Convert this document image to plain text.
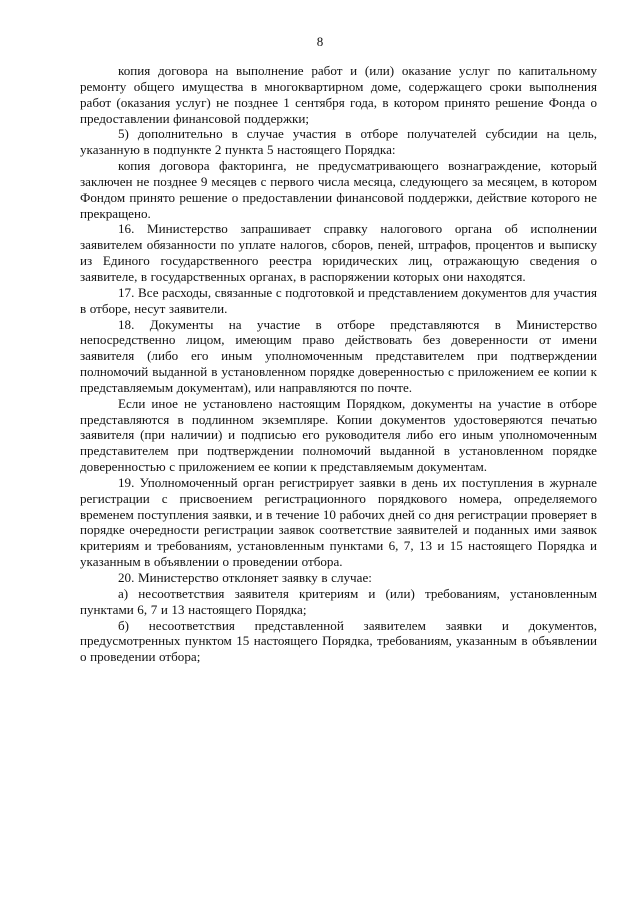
8

копия договора на выполнение работ и (или) оказание услуг по капитальному ремонту общего имущества в многоквартирном доме, содержащего сроки выполнения работ (оказания услуг) не позднее 1 сентября года, в котором принято решение Фонда о предоставлении финансовой поддержки;

5) дополнительно в случае участия в отборе получателей субсидии на цель, указанную в подпункте 2 пункта 5 настоящего Порядка:

копия договора факторинга, не предусматривающего вознаграждение, который заключен не позднее 9 месяцев с первого числа месяца, следующего за месяцем, в котором Фондом принято решение о предоставлении финансовой поддержки, действие которого не прекращено.

16. Министерство запрашивает справку налогового органа об исполнении заявителем обязанности по уплате налогов, сборов, пеней, штрафов, процентов и выписку из Единого государственного реестра юридических лиц, отражающую сведения о заявителе, в государственных органах, в распоряжении которых они находятся.

17. Все расходы, связанные с подготовкой и представлением документов для участия в отборе, несут заявители.

18. Документы на участие в отборе представляются в Министерство непосредственно лицом, имеющим право действовать без доверенности от имени заявителя (либо его иным уполномоченным представителем при подтверждении полномочий выданной в установленном порядке доверенностью с приложением ее копии к представляемым документам), или направляются по почте.

Если иное не установлено настоящим Порядком, документы на участие в отборе представляются в подлинном экземпляре. Копии документов удостоверяются печатью заявителя (при наличии) и подписью его руководителя либо его иным уполномоченным представителем при подтверждении полномочий выданной в установленном порядке доверенностью с приложением ее копии к представляемым документам.

19. Уполномоченный орган регистрирует заявки в день их поступления в журнале регистрации с присвоением регистрационного порядкового номера, определяемого временем поступления заявки, и в течение 10 рабочих дней со дня регистрации проверяет в порядке очередности регистрации заявок соответствие заявителей и поданных ими заявок критериям и требованиям, установленным пунктами 6, 7, 13 и 15 настоящего Порядка и указанным в объявлении о проведении отбора.

20. Министерство отклоняет заявку в случае:

а) несоответствия заявителя критериям и (или) требованиям, установленным пунктами 6, 7 и 13 настоящего Порядка;

б) несоответствия представленной заявителем заявки и документов, предусмотренных пунктом 15 настоящего Порядка, требованиям, указанным в объявлении о проведении отбора;
